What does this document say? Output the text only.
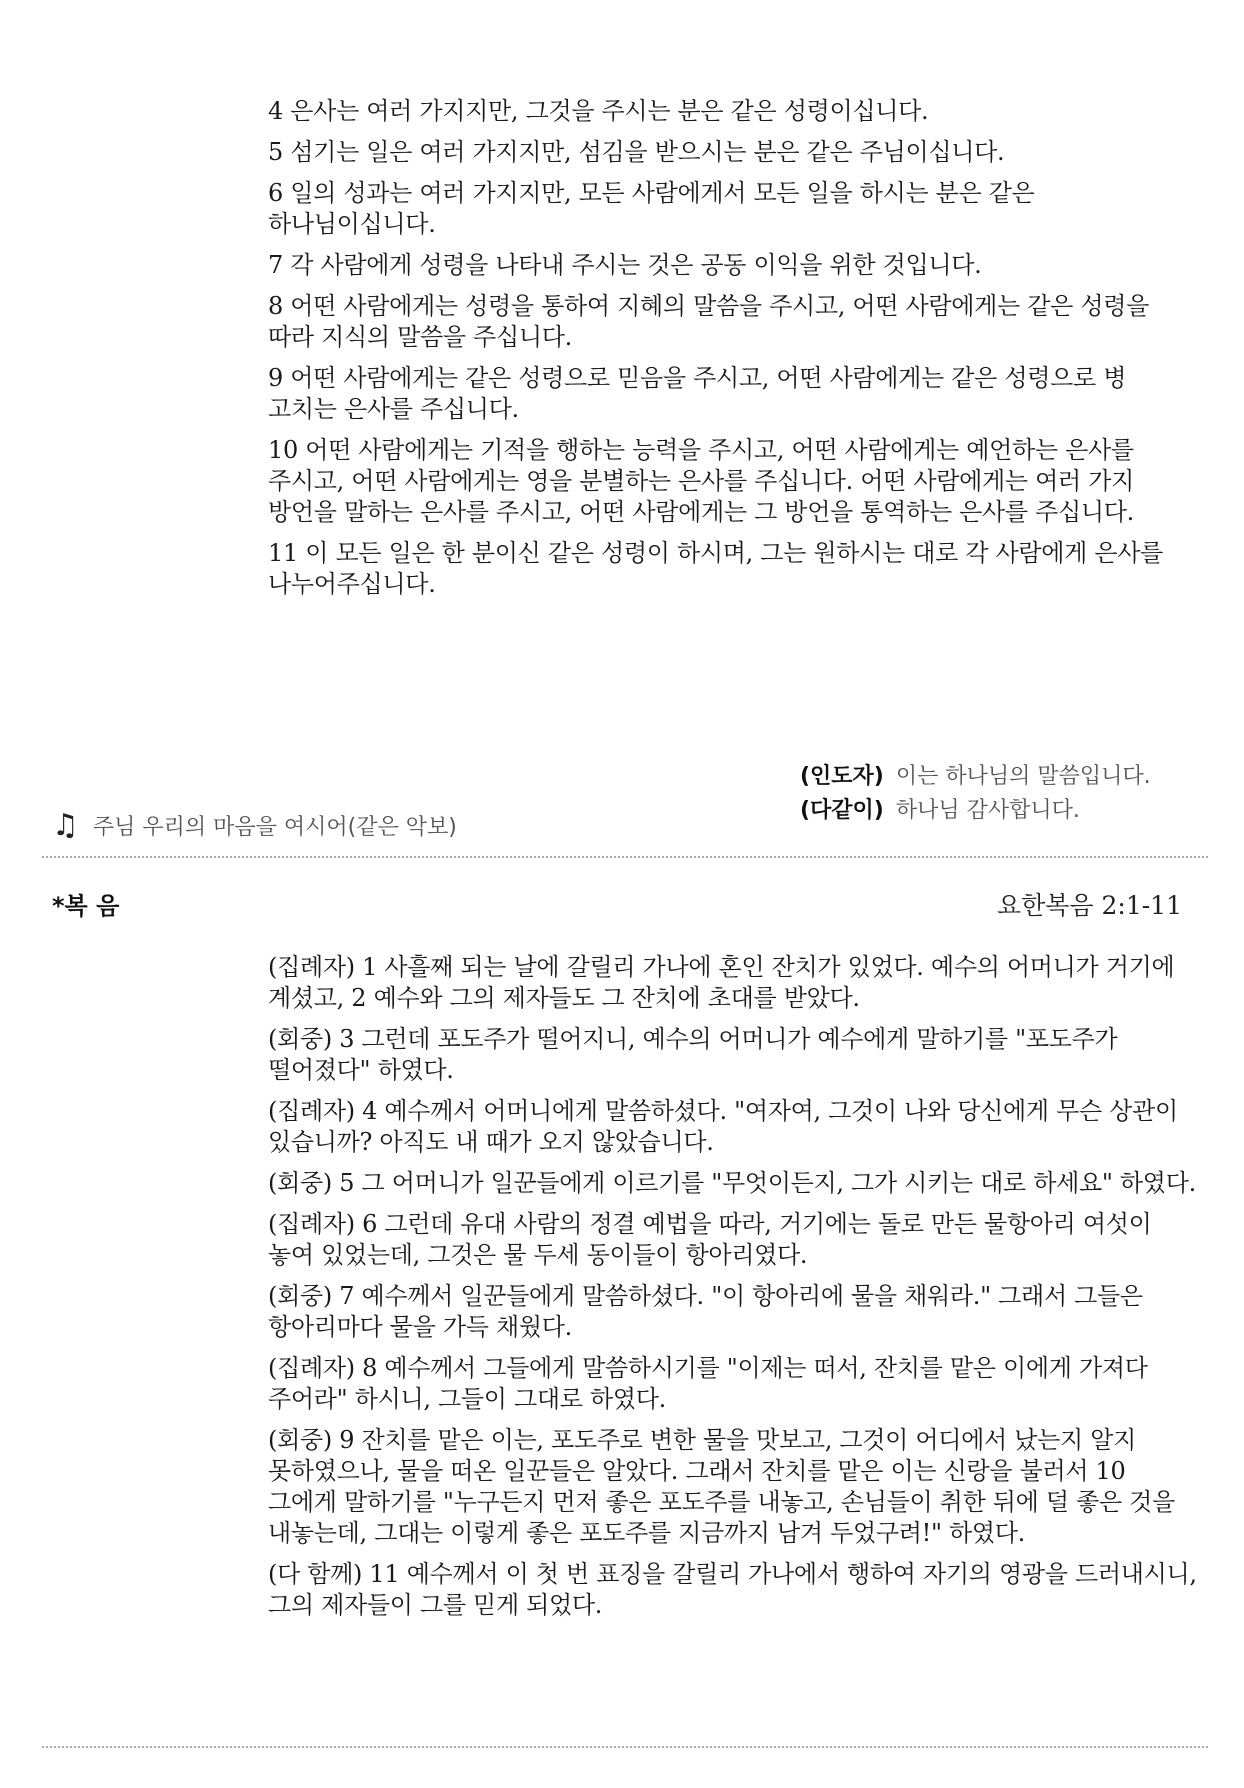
4 은사는 여러 가지지만, 그것을 주시는 분은 같은 성령이십니다.

5 섬기는 일은 여러 가지지만, 섬김을 받으시는 분은 같은 주님이십니다.

6 일의 성과는 여러 가지지만, 모든 사람에게서 모든 일을 하시는 분은 같은 하나님이십니다.

7 각 사람에게 성령을 나타내 주시는 것은 공동 이익을 위한 것입니다.

8 어떤 사람에게는 성령을 통하여 지혜의 말씀을 주시고, 어떤 사람에게는 같은 성령을 따라 지식의 말씀을 주십니다.

9 어떤 사람에게는 같은 성령으로 믿음을 주시고, 어떤 사람에게는 같은 성령으로 병 고치는 은사를 주십니다.

10 어떤 사람에게는 기적을 행하는 능력을 주시고, 어떤 사람에게는 예언하는 은사를 주시고, 어떤 사람에게는 영을 분별하는 은사를 주십니다. 어떤 사람에게는 여러 가지 방언을 말하는 은사를 주시고, 어떤 사람에게는 그 방언을 통역하는 은사를 주십니다.

11 이 모든 일은 한 분이신 같은 성령이 하시며, 그는 원하시는 대로 각 사람에게 은사를 나누어주십니다.

(인도자) 이는 하나님의 말씀입니다.
(다같이) 하나님 감사합니다.
♫ 주님 우리의 마음을 여시어(같은 악보)
*복 음	요한복음 2:1-11

(집례자) 1 사흘째 되는 날에 갈릴리 가나에 혼인 잔치가 있었다. 예수의 어머니가 거기에 계셨고, 2 예수와 그의 제자들도 그 잔치에 초대를 받았다.

(회중) 3 그런데 포도주가 떨어지니, 예수의 어머니가 예수에게 말하기를 "포도주가 떨어졌다" 하였다.

(집례자) 4 예수께서 어머니에게 말씀하셨다. "여자여, 그것이 나와 당신에게 무슨 상관이 있습니까? 아직도 내 때가 오지 않았습니다.

(회중) 5 그 어머니가 일꾼들에게 이르기를 "무엇이든지, 그가 시키는 대로 하세요" 하였다.

(집례자) 6 그런데 유대 사람의 정결 예법을 따라, 거기에는 돌로 만든 물항아리 여섯이 놓여 있었는데, 그것은 물 두세 동이들이 항아리였다.

(회중) 7 예수께서 일꾼들에게 말씀하셨다. "이 항아리에 물을 채워라." 그래서 그들은 항아리마다 물을 가득 채웠다.

(집례자) 8 예수께서 그들에게 말씀하시기를 "이제는 떠서, 잔치를 맡은 이에게 가져다 주어라" 하시니, 그들이 그대로 하였다.

(회중) 9 잔치를 맡은 이는, 포도주로 변한 물을 맛보고, 그것이 어디에서 났는지 알지 못하였으나, 물을 떠온 일꾼들은 알았다. 그래서 잔치를 맡은 이는 신랑을 불러서 10 그에게 말하기를 "누구든지 먼저 좋은 포도주를 내놓고, 손님들이 취한 뒤에 덜 좋은 것을 내놓는데, 그대는 이렇게 좋은 포도주를 지금까지 남겨 두었구려!" 하였다.

(다 함께) 11 예수께서 이 첫 번 표징을 갈릴리 가나에서 행하여 자기의 영광을 드러내시니, 그의 제자들이 그를 믿게 되었다.
